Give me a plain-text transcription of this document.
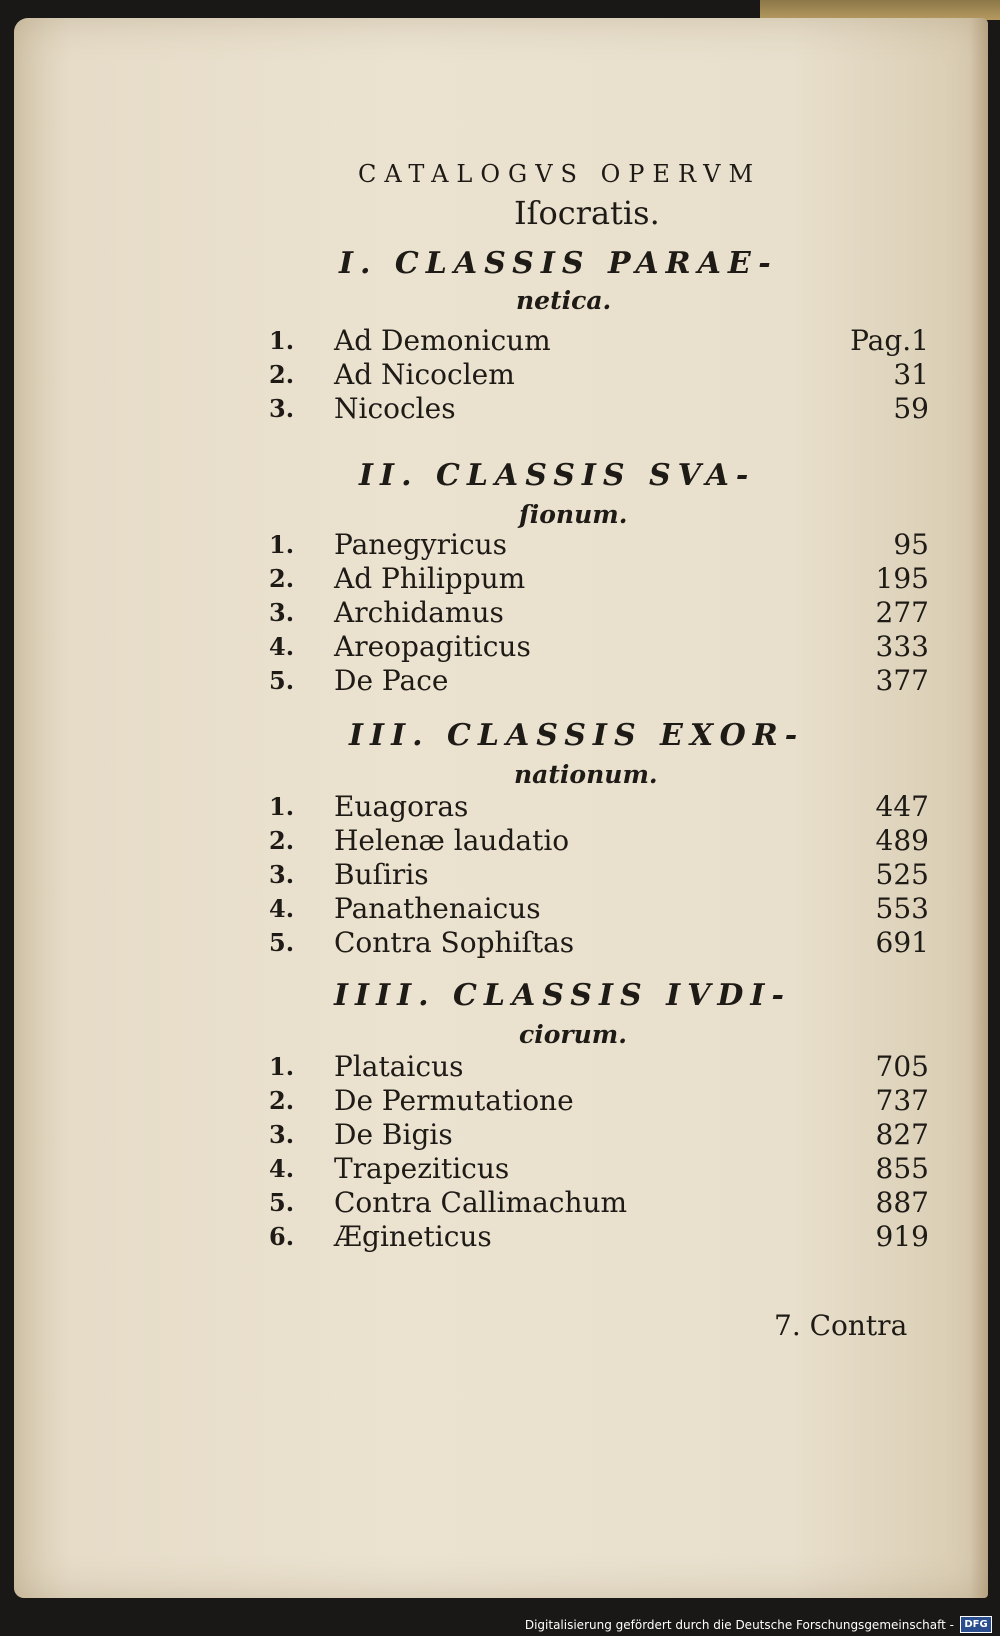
CATALOGVS OPERVM
Iſocratis.
I. CLASSIS PARAE-
netica.
1. Ad Demonicum	Pag.1
2. Ad Nicoclem	31
3. Nicocles	59
II. CLASSIS SVA-
ſionum.
1. Panegyricus	95
2. Ad Philippum	195
3. Archidamus	277
4. Areopagiticus	333
5. De Pace	377
III. CLASSIS EXOR-
nationum.
1. Euagoras	447
2. Helenæ laudatio	489
3. Buſiris	525
4. Panathenaicus	553
5. Contra Sophiſtas	691
IIII. CLASSIS IVDI-
ciorum.
1. Plataicus	705
2. De Permutatione	737
3. De Bigis	827
4. Trapeziticus	855
5. Contra Callimachum	887
6. Ægineticus	919
7. Contra
Digitalisierung gefördert durch die Deutsche Forschungsgemeinschaft -	DFG
